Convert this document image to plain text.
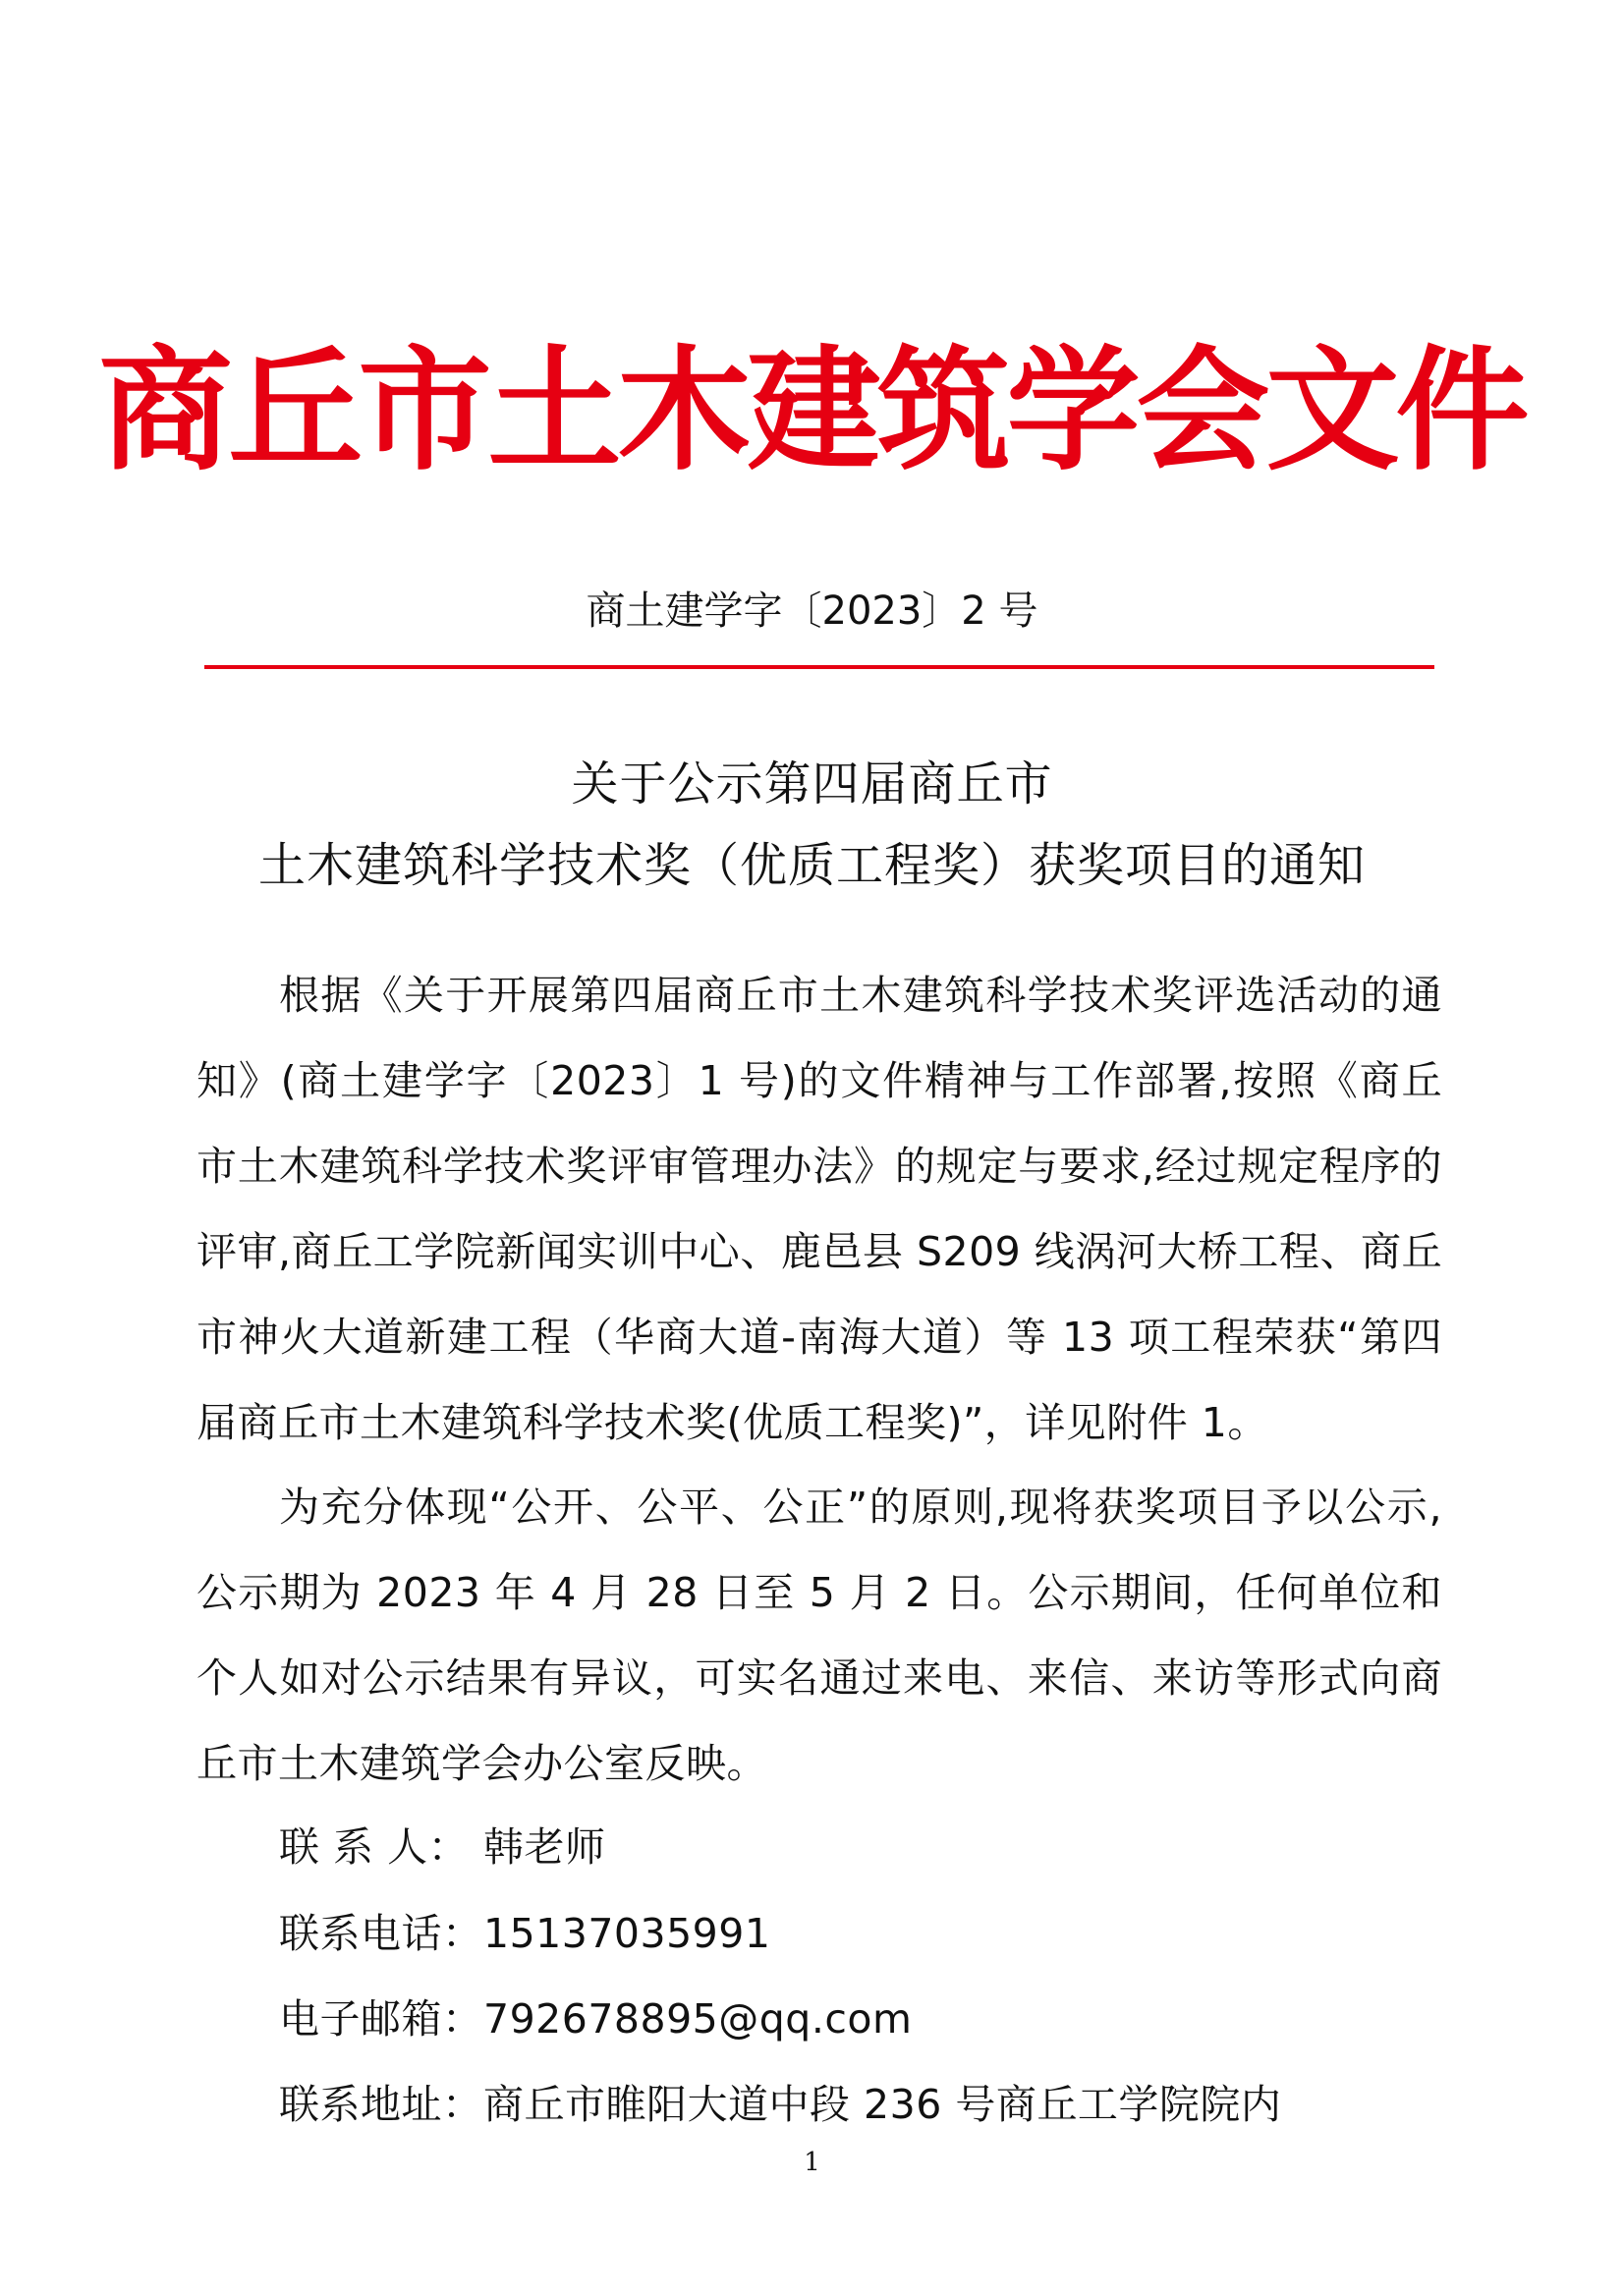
商丘市土木建筑学会文件
商土建学字〔2023〕2 号
关于公示第四届商丘市
土木建筑科学技术奖（优质工程奖）获奖项目的通知
根据《关于开展第四届商丘市土木建筑科学技术奖评选活动的通知》(商土建学字〔2023〕1 号)的文件精神与工作部署,按照《商丘市土木建筑科学技术奖评审管理办法》的规定与要求,经过规定程序的评审,商丘工学院新闻实训中心、鹿邑县 S209 线涡河大桥工程、商丘市神火大道新建工程（华商大道-南海大道）等 13 项工程荣获“第四届商丘市土木建筑科学技术奖(优质工程奖)”，详见附件 1。
为充分体现“公开、公平、公正”的原则,现将获奖项目予以公示,公示期为 2023 年 4 月 28 日至 5 月 2 日。公示期间，任何单位和个人如对公示结果有异议，可实名通过来电、来信、来访等形式向商丘市土木建筑学会办公室反映。
联 系 人： 韩老师
联系电话：15137035991
电子邮箱：792678895@qq.com
联系地址：商丘市睢阳大道中段 236 号商丘工学院院内
1
